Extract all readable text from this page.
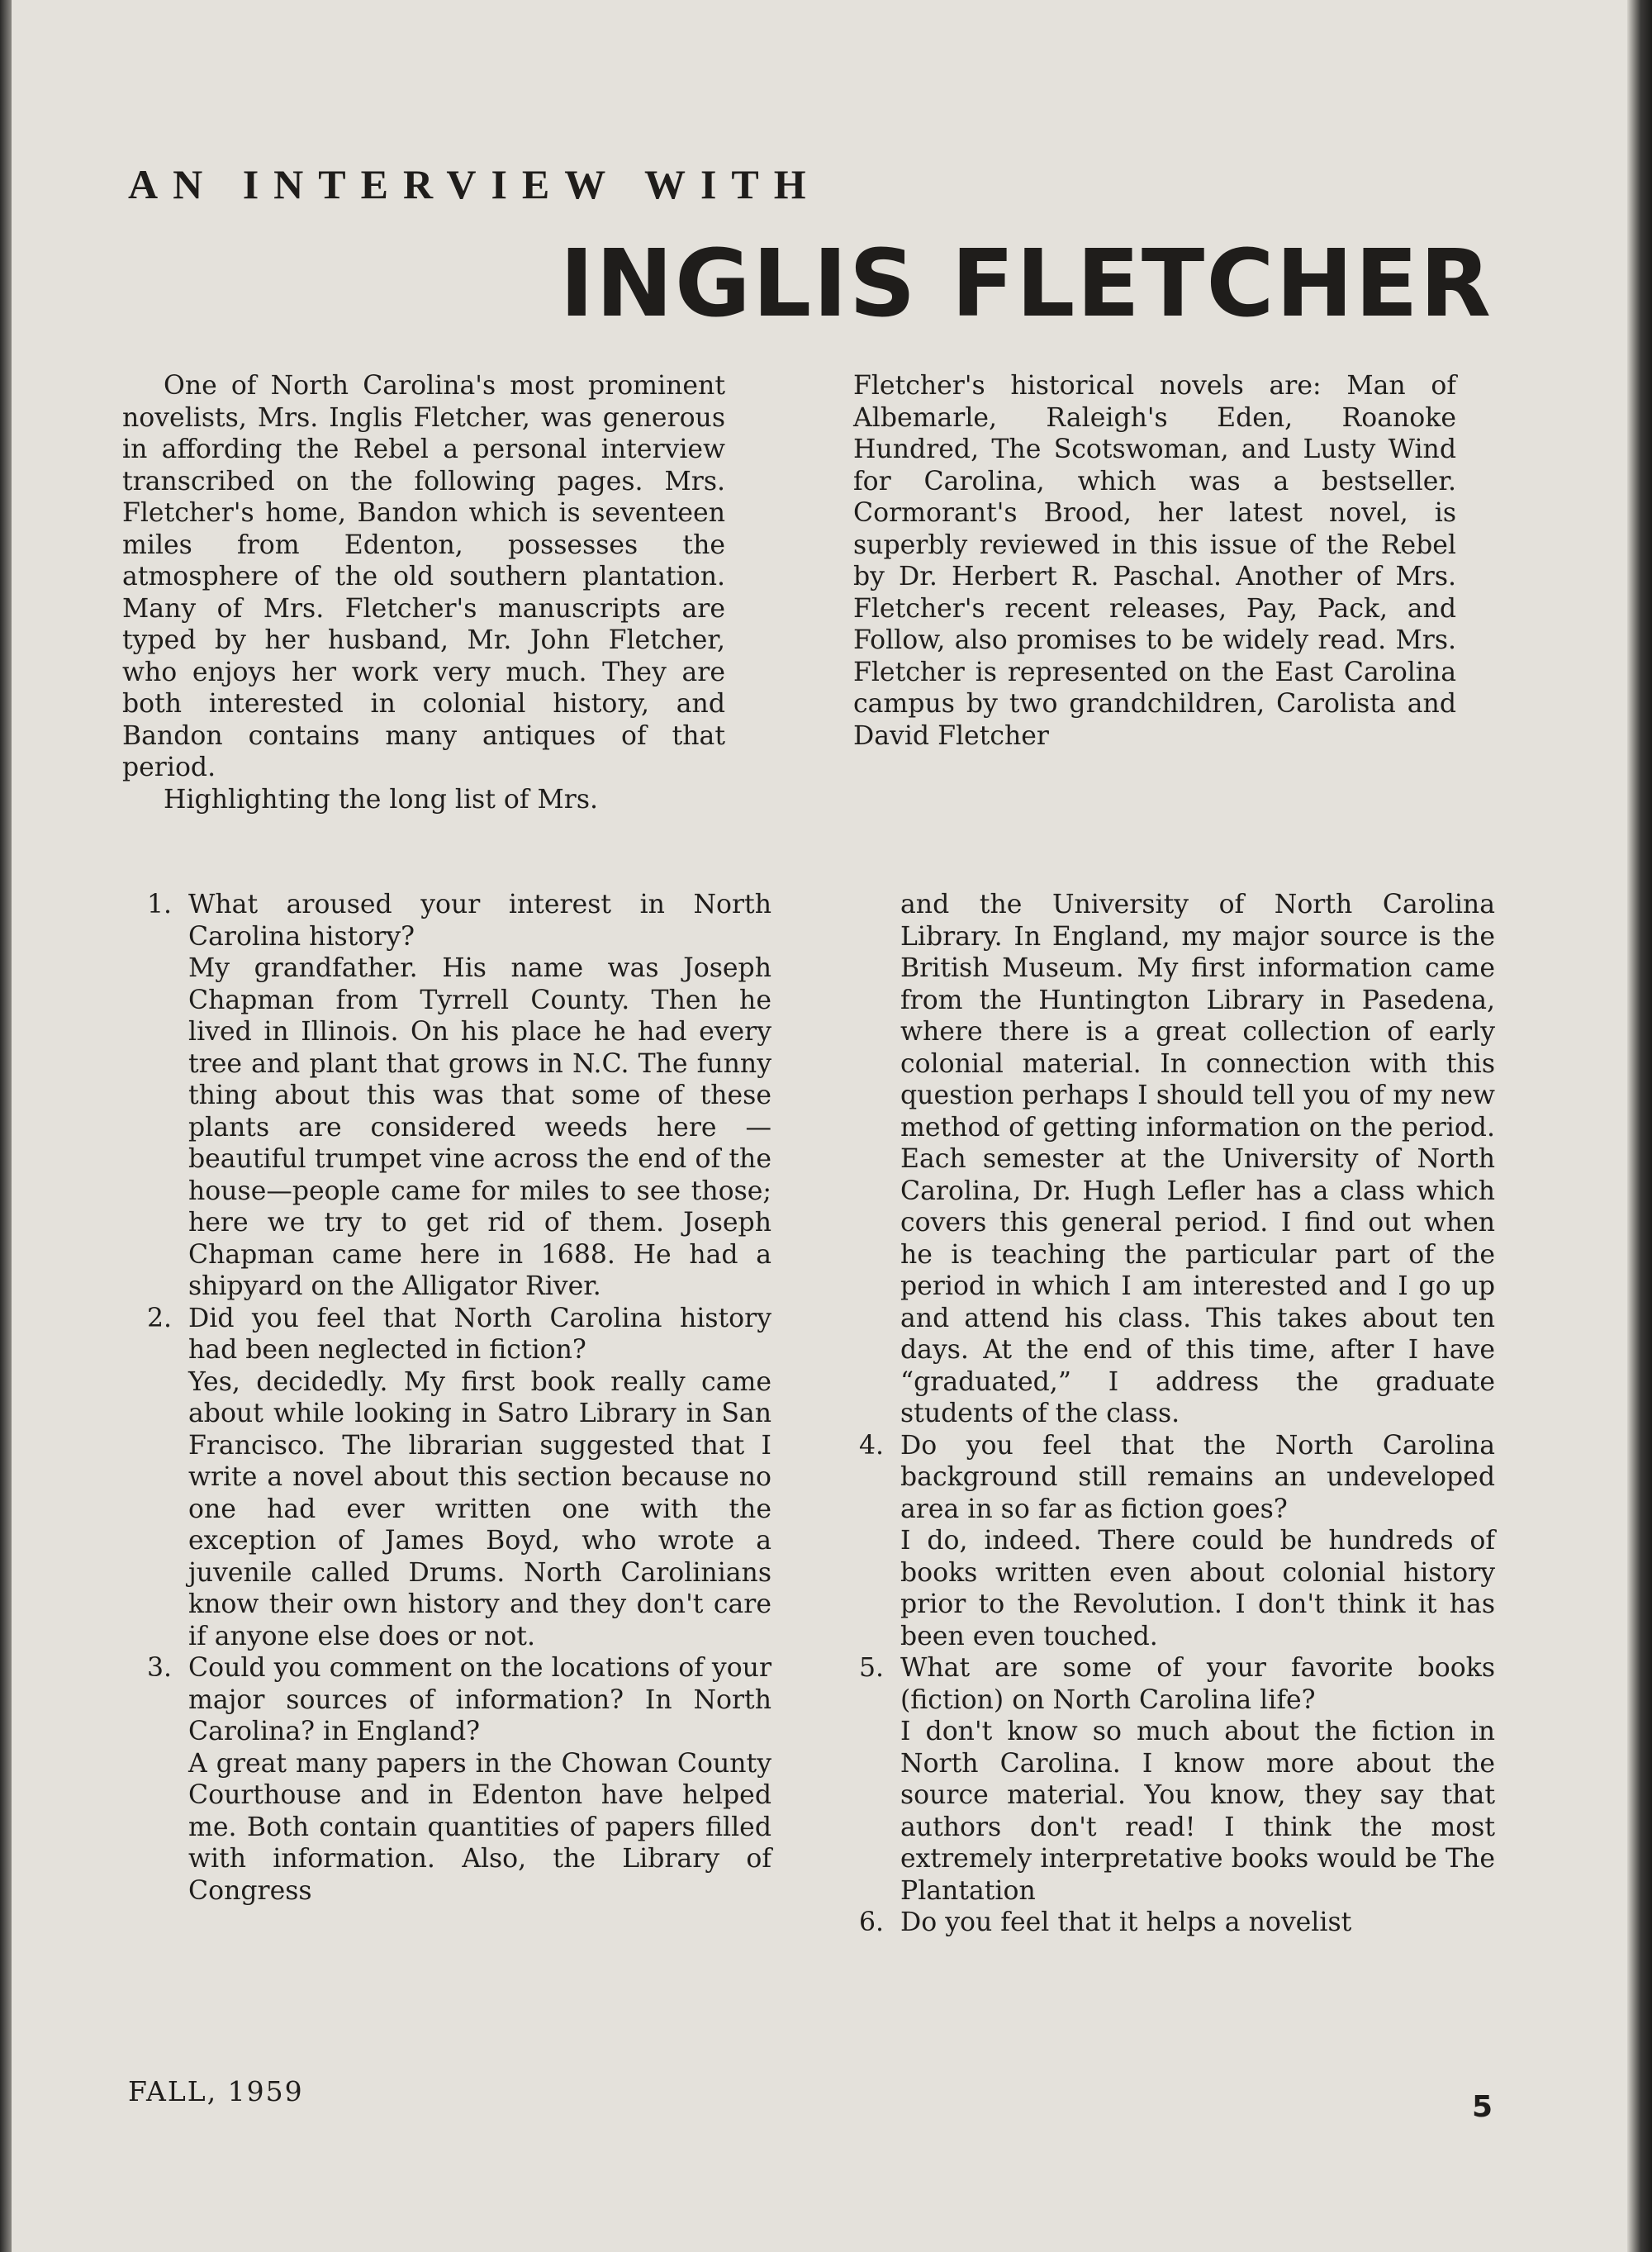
AN INTERVIEW WITH
INGLIS FLETCHER

One of North Carolina's most prominent novelists, Mrs. Inglis Fletcher, was generous in affording the Rebel a personal interview transcribed on the following pages. Mrs. Fletcher's home, Bandon which is seventeen miles from Edenton, possesses the atmosphere of the old southern plantation. Many of Mrs. Fletcher's manuscripts are typed by her husband, Mr. John Fletcher, who enjoys her work very much. They are both interested in colonial history, and Bandon contains many antiques of that period.

Highlighting the long list of Mrs.

Fletcher's historical novels are: Man of Albemarle, Raleigh's Eden, Roanoke Hundred, The Scotswoman, and Lusty Wind for Carolina, which was a bestseller. Cormorant's Brood, her latest novel, is superbly reviewed in this issue of the Rebel by Dr. Herbert R. Paschal. Another of Mrs. Fletcher's recent releases, Pay, Pack, and Follow, also promises to be widely read. Mrs. Fletcher is represented on the East Carolina campus by two grandchildren, Carolista and David Fletcher

1. What aroused your interest in North Carolina history?

My grandfather. His name was Joseph Chapman from Tyrrell County. Then he lived in Illinois. On his place he had every tree and plant that grows in N.C. The funny thing about this was that some of these plants are considered weeds here — beautiful trumpet vine across the end of the house—people came for miles to see those; here we try to get rid of them. Joseph Chapman came here in 1688. He had a shipyard on the Alligator River.

2. Did you feel that North Carolina history had been neglected in fiction?

Yes, decidedly. My first book really came about while looking in Satro Library in San Francisco. The librarian suggested that I write a novel about this section because no one had ever written one with the exception of James Boyd, who wrote a juvenile called Drums. North Carolinians know their own history and they don't care if anyone else does or not.

3. Could you comment on the locations of your major sources of information? In North Carolina? in England?

A great many papers in the Chowan County Courthouse and in Edenton have helped me. Both contain quantities of papers filled with information. Also, the Library of Congress

and the University of North Carolina Library. In England, my major source is the British Museum. My first information came from the Huntington Library in Pasedena, where there is a great collection of early colonial material. In connection with this question perhaps I should tell you of my new method of getting information on the period. Each semester at the University of North Carolina, Dr. Hugh Lefler has a class which covers this general period. I find out when he is teaching the particular part of the period in which I am interested and I go up and attend his class. This takes about ten days. At the end of this time, after I have “graduated,” I address the graduate students of the class.

4. Do you feel that the North Carolina background still remains an undeveloped area in so far as fiction goes?

I do, indeed. There could be hundreds of books written even about colonial history prior to the Revolution. I don't think it has been even touched.

5. What are some of your favorite books (fiction) on North Carolina life?

I don't know so much about the fiction in North Carolina. I know more about the source material. You know, they say that authors don't read! I think the most extremely interpretative books would be The Plantation

6. Do you feel that it helps a novelist

FALL, 1959	5
